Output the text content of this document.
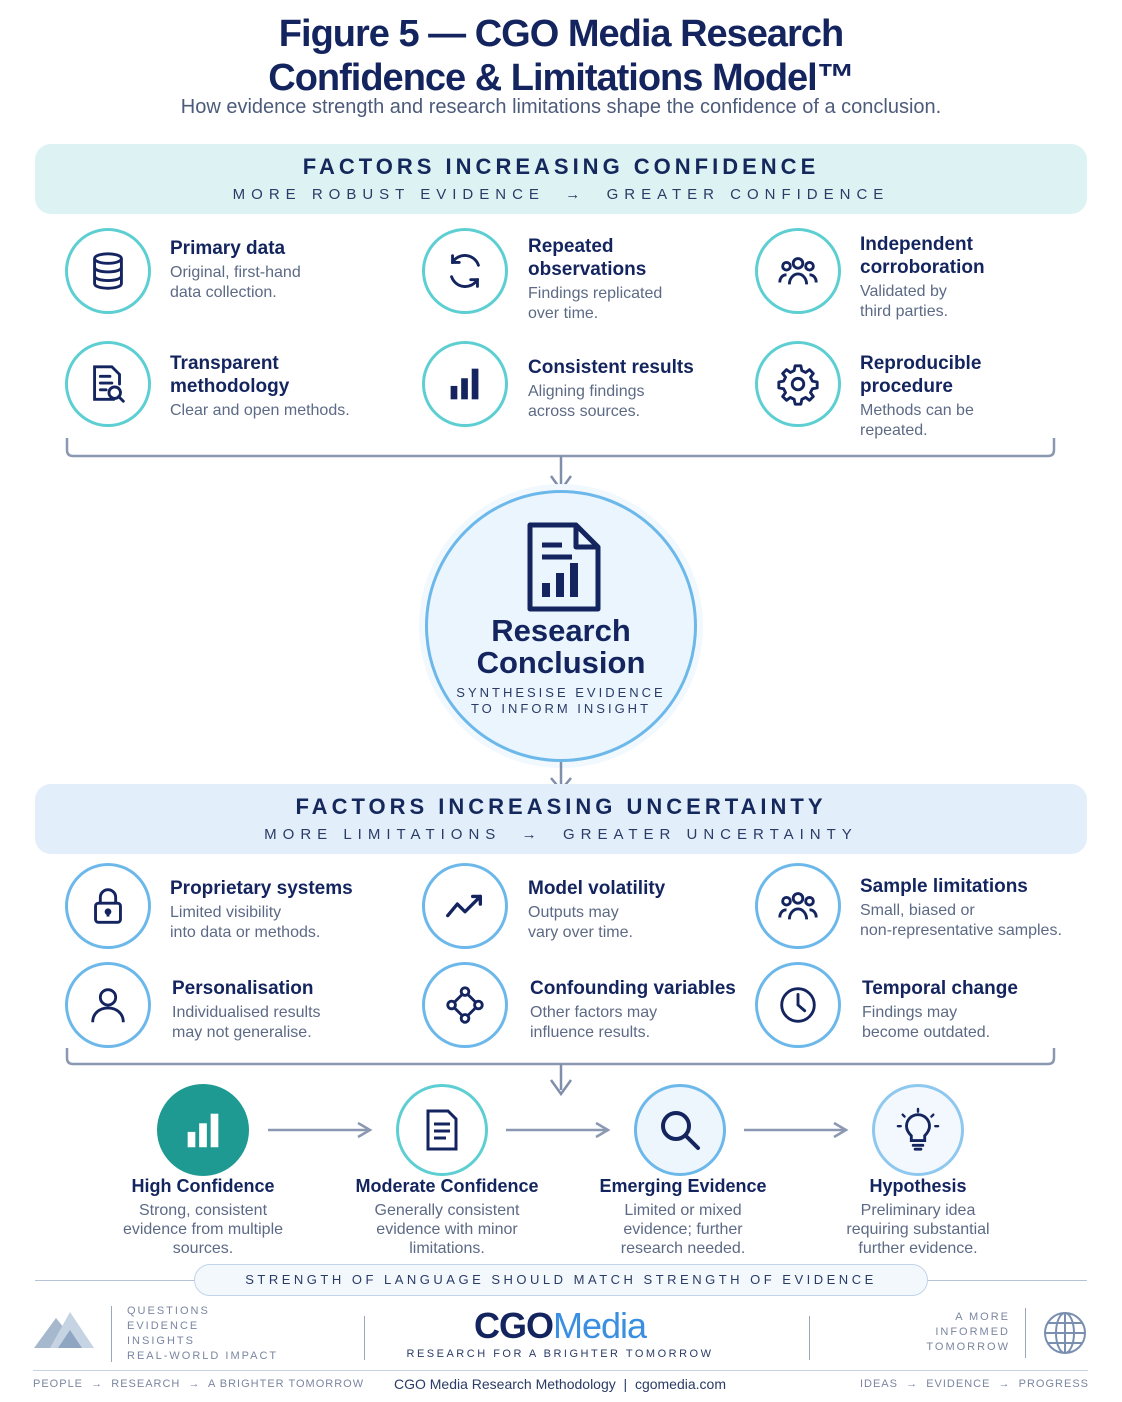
Figure 5 — CGO Media Research
Confidence & Limitations Model™
How evidence strength and research limitations shape the confidence of a conclusion.
FACTORS INCREASING CONFIDENCE
MORE ROBUST EVIDENCE  →  GREATER CONFIDENCE
Primary data
Original, first-hand
data collection.
Repeated
observations
Findings replicated
over time.
Independent
corroboration
Validated by
third parties.
Transparent
methodology
Clear and open methods.
Consistent results
Aligning findings
across sources.
Reproducible
procedure
Methods can be
repeated.
Research
Conclusion
SYNTHESISE EVIDENCE
TO INFORM INSIGHT
FACTORS INCREASING UNCERTAINTY
MORE LIMITATIONS  →  GREATER UNCERTAINTY
Proprietary systems
Limited visibility
into data or methods.
Model volatility
Outputs may
vary over time.
Sample limitations
Small, biased or
non-representative samples.
Personalisation
Individualised results
may not generalise.
Confounding variables
Other factors may
influence results.
Temporal change
Findings may
become outdated.
High Confidence
Strong, consistent
evidence from multiple
sources.
Moderate Confidence
Generally consistent
evidence with minor
limitations.
Emerging Evidence
Limited or mixed
evidence; further
research needed.
Hypothesis
Preliminary idea
requiring substantial
further evidence.
STRENGTH OF LANGUAGE SHOULD MATCH STRENGTH OF EVIDENCE
QUESTIONS
EVIDENCE
INSIGHTS
REAL-WORLD IMPACT
CGOMedia
RESEARCH FOR A BRIGHTER TOMORROW
A MORE
INFORMED
TOMORROW
PEOPLE  →  RESEARCH  →  A BRIGHTER TOMORROW	CGO Media Research Methodology  |  cgomedia.com	IDEAS  →  EVIDENCE  →  PROGRESS
